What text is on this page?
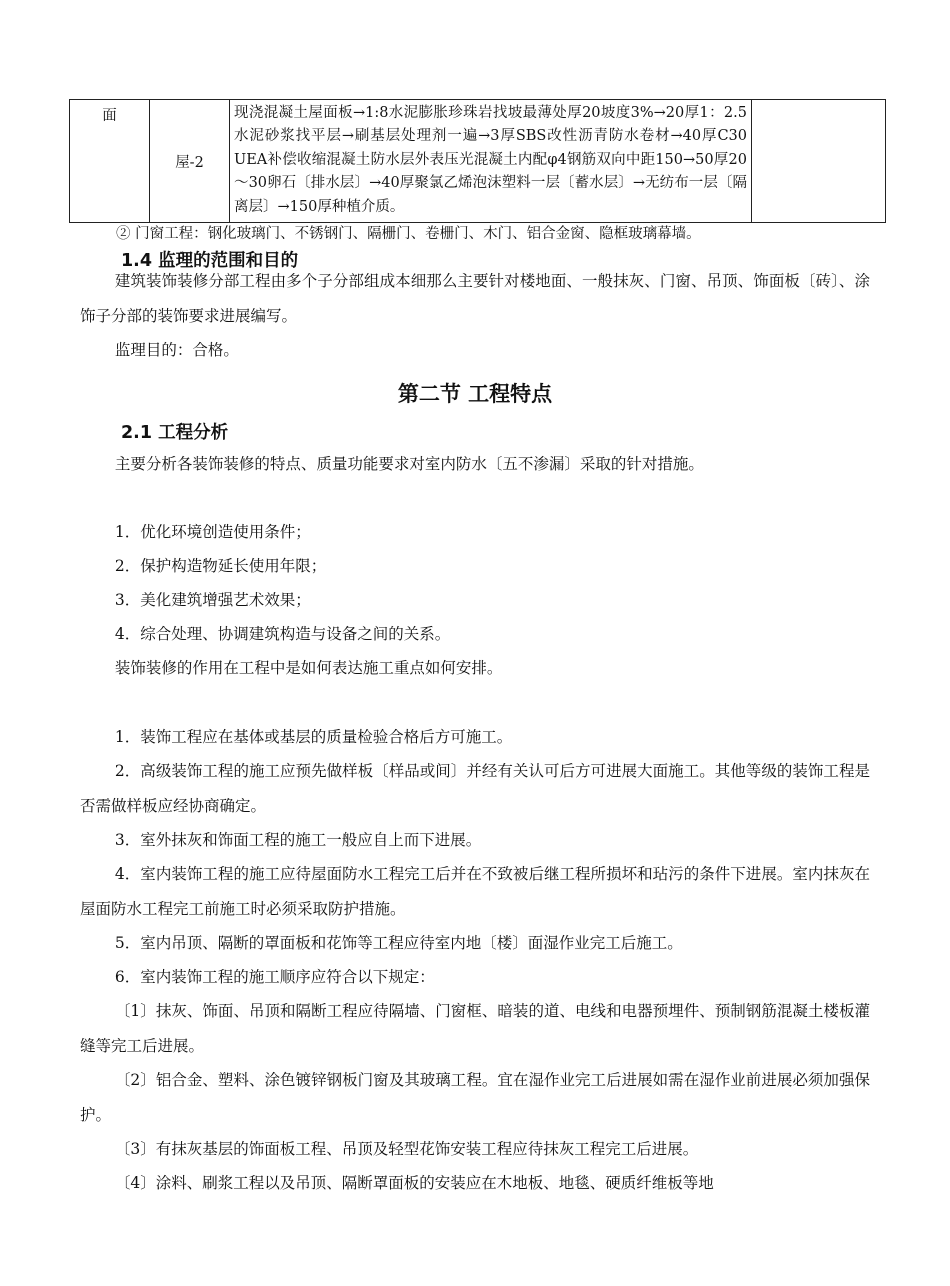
面	屋-2	现浇混凝土屋面板→1:8水泥膨胀珍珠岩找坡最薄处厚20坡度3%→20厚1：2.5水泥砂浆找平层→刷基层处理剂一遍→3厚SBS改性沥青防水卷材→40厚C30 UEA补偿收缩混凝土防水层外表压光混凝土内配φ4钢筋双向中距150→50厚20～30卵石〔排水层〕→40厚聚氯乙烯泡沫塑料一层〔蓄水层〕→无纺布一层〔隔离层〕→150厚种植介质。	
② 门窗工程：钢化玻璃门、不锈钢门、隔栅门、卷栅门、木门、铝合金窗、隐框玻璃幕墙。
1.4 监理的范围和目的

建筑装饰装修分部工程由多个子分部组成本细那么主要针对楼地面、一般抹灰、门窗、吊顶、饰面板〔砖〕、涂饰子分部的装饰要求进展编写。

监理目的：合格。

第二节 工程特点
2.1 工程分析

主要分析各装饰装修的特点、质量功能要求对室内防水〔五不渗漏〕采取的针对措施。

1．优化环境创造使用条件；

2．保护构造物延长使用年限；

3．美化建筑增强艺术效果；

4．综合处理、协调建筑构造与设备之间的关系。

装饰装修的作用在工程中是如何表达施工重点如何安排。

1．装饰工程应在基体或基层的质量检验合格后方可施工。

2．高级装饰工程的施工应预先做样板〔样品或间〕并经有关认可后方可进展大面施工。其他等级的装饰工程是否需做样板应经协商确定。

3．室外抹灰和饰面工程的施工一般应自上而下进展。

4．室内装饰工程的施工应待屋面防水工程完工后并在不致被后继工程所损坏和玷污的条件下进展。室内抹灰在屋面防水工程完工前施工时必须采取防护措施。

5．室内吊顶、隔断的罩面板和花饰等工程应待室内地〔楼〕面湿作业完工后施工。

6．室内装饰工程的施工顺序应符合以下规定：

〔1〕抹灰、饰面、吊顶和隔断工程应待隔墙、门窗框、暗装的道、电线和电器预埋件、预制钢筋混凝土楼板灌缝等完工后进展。

〔2〕铝合金、塑料、涂色镀锌钢板门窗及其玻璃工程。宜在湿作业完工后进展如需在湿作业前进展必须加强保护。

〔3〕有抹灰基层的饰面板工程、吊顶及轻型花饰安装工程应待抹灰工程完工后进展。

〔4〕涂料、刷浆工程以及吊顶、隔断罩面板的安装应在木地板、地毯、硬质纤维板等地
